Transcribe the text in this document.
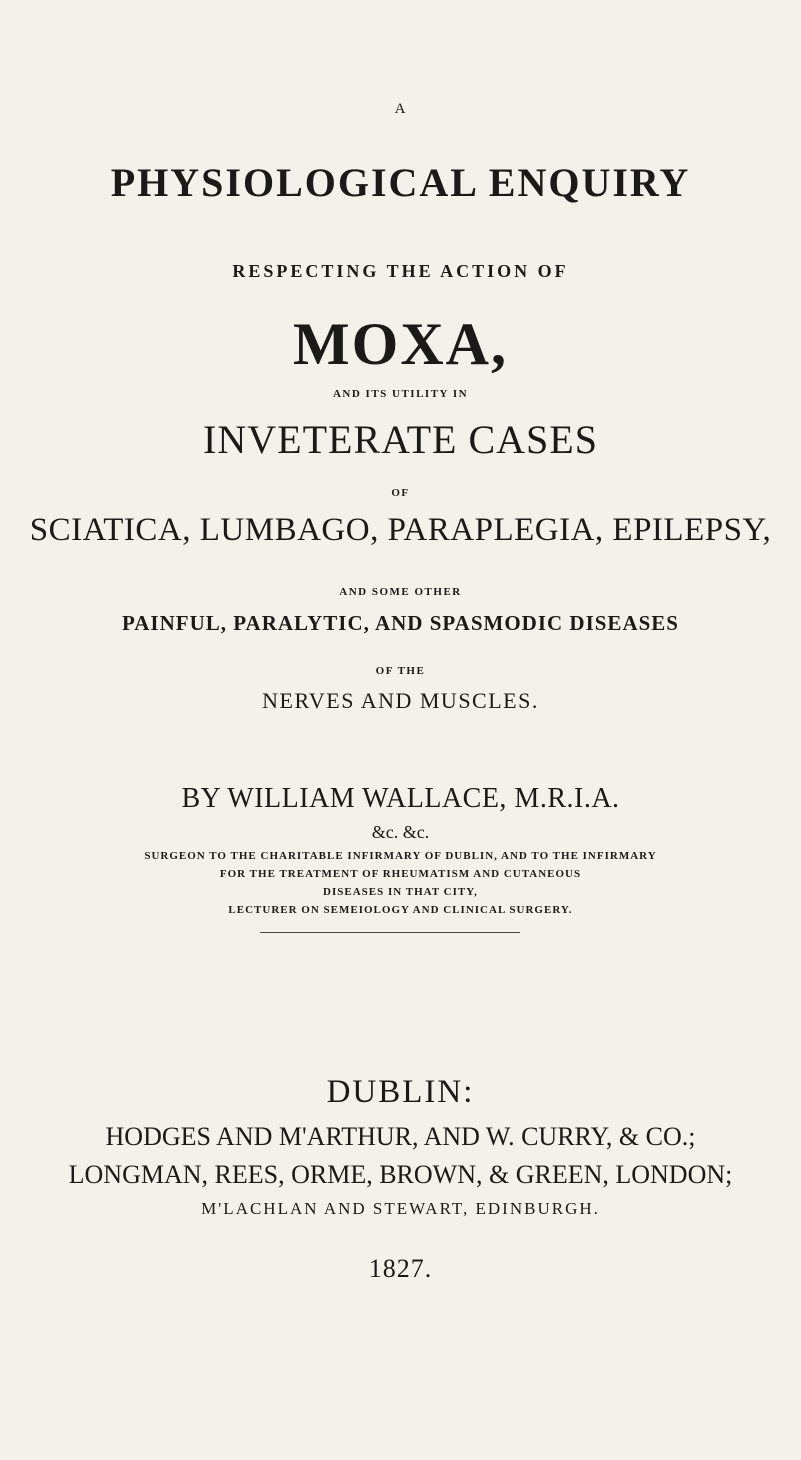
A
PHYSIOLOGICAL ENQUIRY
RESPECTING THE ACTION OF
MOXA,
AND ITS UTILITY IN
INVETERATE CASES
OF
SCIATICA, LUMBAGO, PARAPLEGIA, EPILEPSY,
AND SOME OTHER
PAINFUL, PARALYTIC, AND SPASMODIC DISEASES
OF THE
NERVES AND MUSCLES.
BY WILLIAM WALLACE, M.R.I.A.
&c. &c.
SURGEON TO THE CHARITABLE INFIRMARY OF DUBLIN, AND TO THE INFIRMARY
FOR THE TREATMENT OF RHEUMATISM AND CUTANEOUS
DISEASES IN THAT CITY,
LECTURER ON SEMEIOLOGY AND CLINICAL SURGERY.
DUBLIN:
HODGES AND M'ARTHUR, AND W. CURRY, & CO.;
LONGMAN, REES, ORME, BROWN, & GREEN, LONDON;
M'LACHLAN AND STEWART, EDINBURGH.
1827.
